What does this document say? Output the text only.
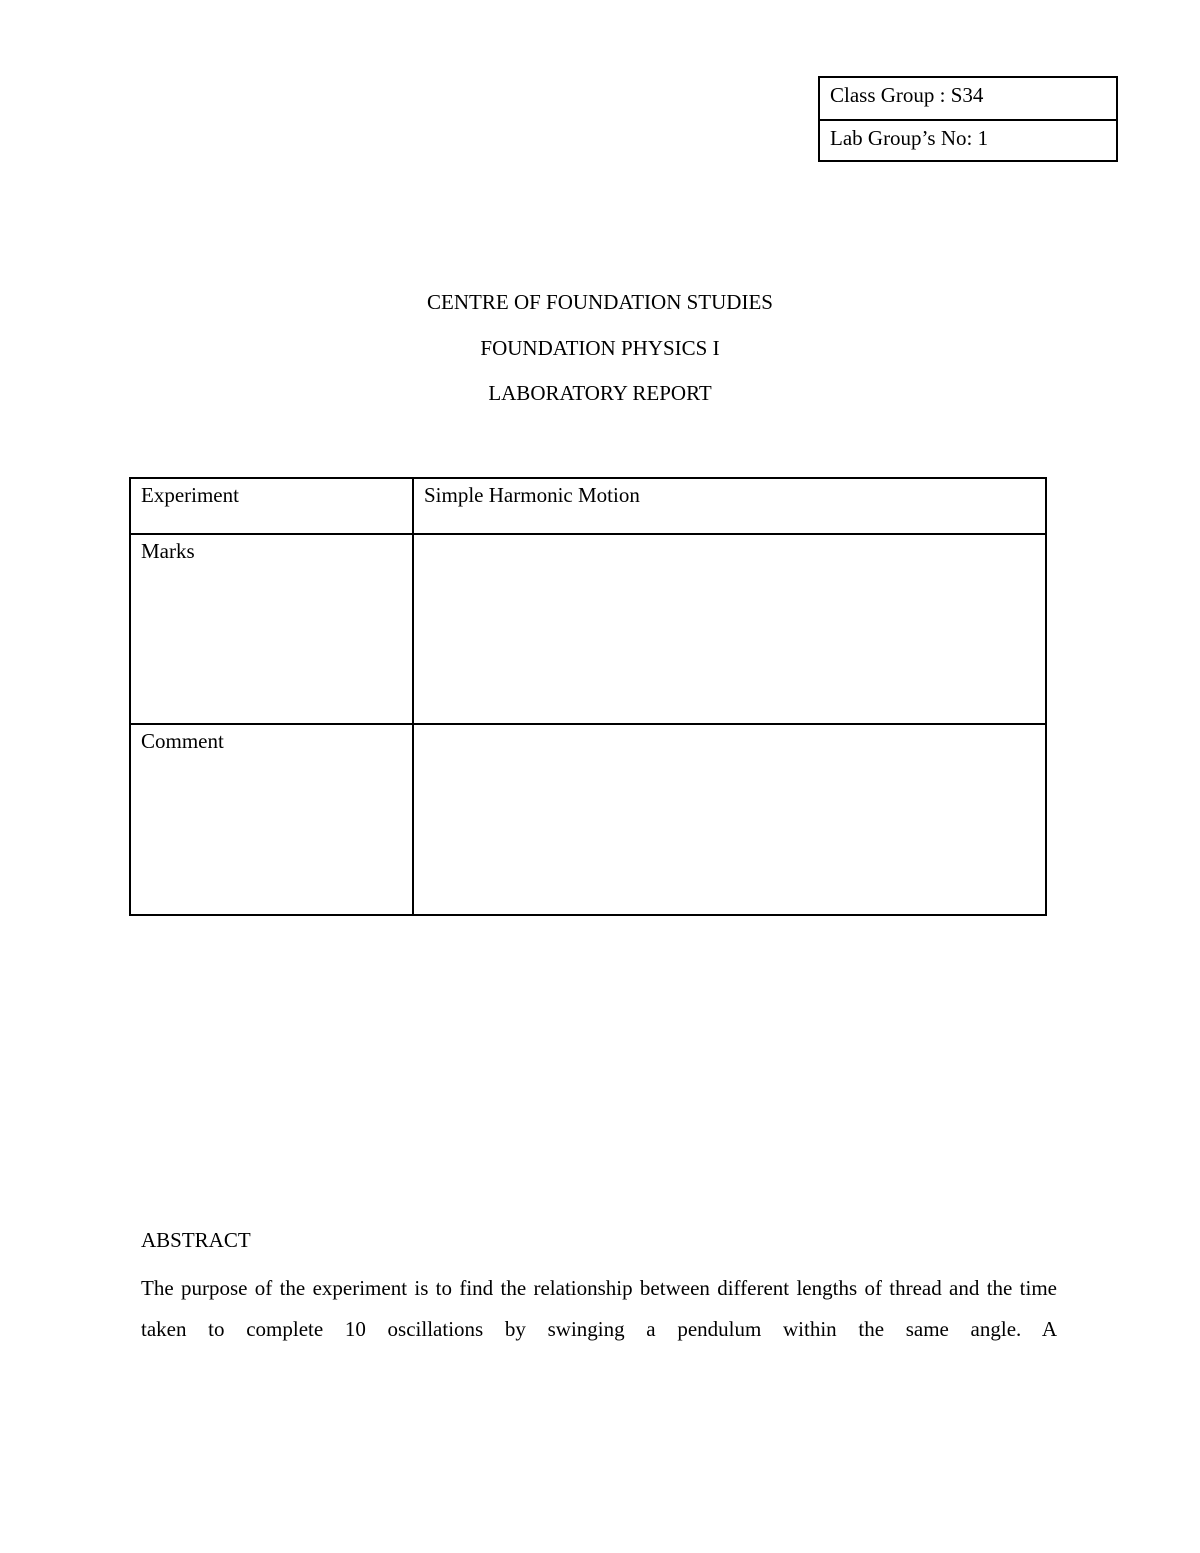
Class Group : S34
Lab Group’s No: 1
CENTRE OF FOUNDATION STUDIES
FOUNDATION PHYSICS I
LABORATORY REPORT
Experiment	Simple Harmonic Motion
Marks	
Comment	
ABSTRACT

The purpose of the experiment is to find the relationship between different lengths of thread and the time taken to complete 10 oscillations by swinging a pendulum within the same angle. A
